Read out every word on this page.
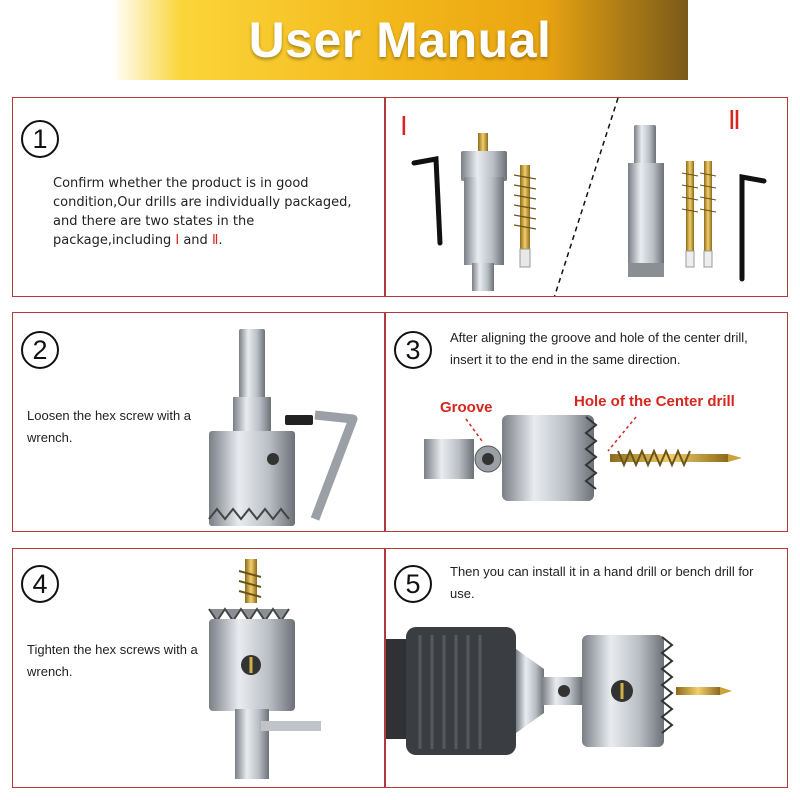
User Manual
1
Confirm whether the product is in good condition,Our drills are individually packaged, and there are two states in the package,including Ⅰ and Ⅱ.
Ⅰ	Ⅱ
2
Loosen the hex screw with a wrench.
3	After aligning the groove and hole of the center drill, insert it to the end in the same direction.
Groove	Hole of the Center drill
4
Tighten the hex screws with a wrench.
5	Then you can install it in a hand drill or bench drill for use.
